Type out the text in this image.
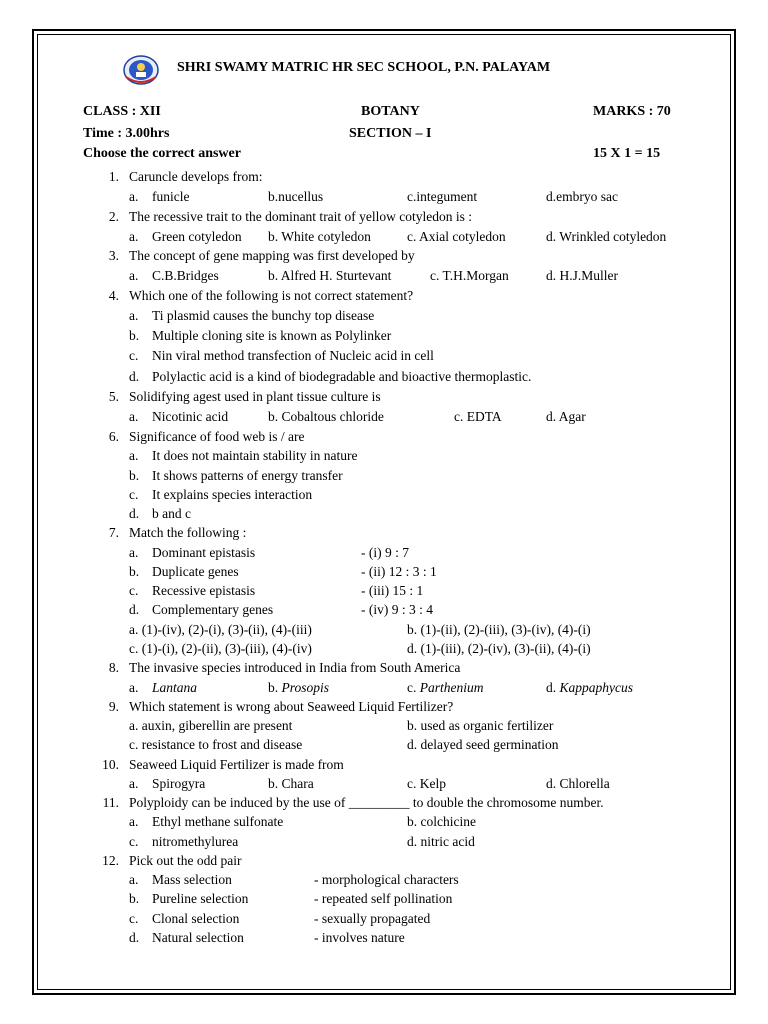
SHRI SWAMY MATRIC HR SEC SCHOOL, P.N. PALAYAM
CLASS : XII	BOTANY	MARKS : 70
Time : 3.00hrs	SECTION – I
Choose the correct answer	15 X 1 = 15
1. Caruncle develops from:
a. funicle	b.nucellus	c.integument	d.embryo sac
2. The recessive trait to the dominant trait of yellow cotyledon is :
a. Green cotyledon b. White cotyledon	c. Axial cotyledon	d. Wrinkled cotyledon
3. The concept of gene mapping was first developed by
a. C.B.Bridges	b. Alfred H. Sturtevant	c. T.H.Morgan	d. H.J.Muller
4. Which one of the following is not correct statement?
a. Ti plasmid causes the bunchy top disease
b. Multiple cloning site is known as Polylinker
c. Nin viral method transfection of Nucleic acid in cell
d. Polylactic acid is a kind of biodegradable and bioactive thermoplastic.
5. Solidifying agest used in plant tissue culture is
a. Nicotinic acid	b. Cobaltous chloride	c. EDTA	d. Agar
6. Significance of food web is / are
a. It does not maintain stability in nature
b. It shows patterns of energy transfer
c. It explains species interaction
d. b and c
7. Match the following :
a. Dominant epistasis	- (i) 9 : 7
b. Duplicate genes	- (ii) 12 : 3 : 1
c. Recessive epistasis	- (iii) 15 : 1
d. Complementary genes	- (iv) 9 : 3 : 4
a. (1)-(iv), (2)-(i), (3)-(ii), (4)-(iii)	b. (1)-(ii), (2)-(iii), (3)-(iv), (4)-(i)
c. (1)-(i), (2)-(ii), (3)-(iii), (4)-(iv)	d. (1)-(iii), (2)-(iv), (3)-(ii), (4)-(i)
8. The invasive species introduced in India from South America
a. Lantana	b. Prosopis	c. Parthenium	d. Kappaphycus
9. Which statement is wrong about Seaweed Liquid Fertilizer?
a. auxin, giberellin are present	b. used as organic fertilizer
c. resistance to frost and disease	d. delayed seed germination
10. Seaweed Liquid Fertilizer is made from
a. Spirogyra	b. Chara	c. Kelp	d. Chlorella
11. Polyploidy can be induced by the use of _________ to double the chromosome number.
a. Ethyl methane sulfonate	b. colchicine
c. nitromethylurea	d. nitric acid
12. Pick out the odd pair
a. Mass selection	- morphological characters
b. Pureline selection	- repeated self pollination
c. Clonal selection	- sexually propagated
d. Natural selection	- involves nature
